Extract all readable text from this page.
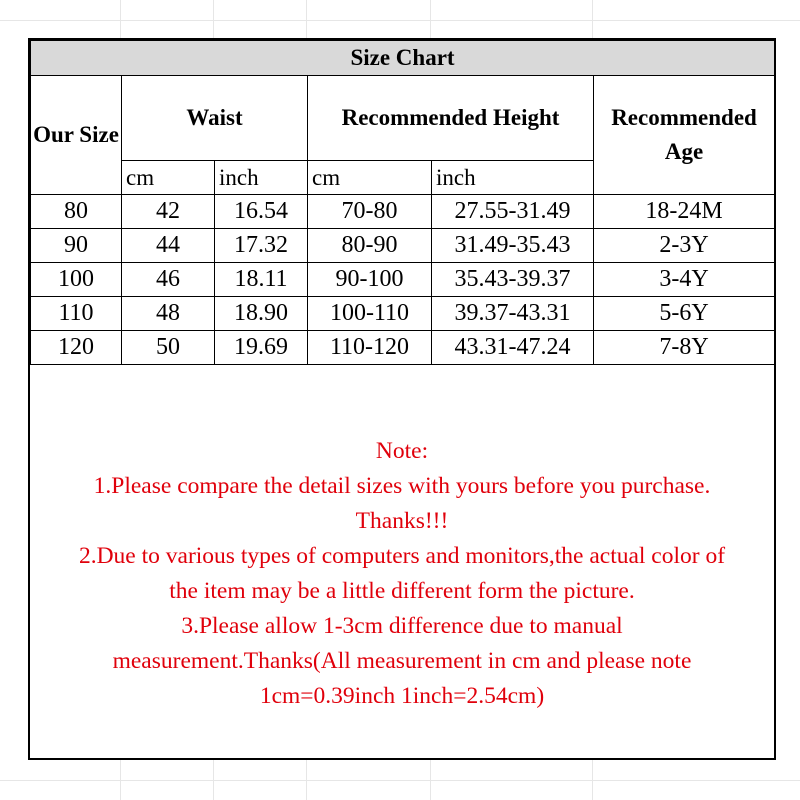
Size Chart					
Our Size	Waist		Recommended Height		Recommended Age
	cm	inch	cm	inch	
80	42	16.54	70-80	27.55-31.49	18-24M
90	44	17.32	80-90	31.49-35.43	2-3Y
100	46	18.11	90-100	35.43-39.37	3-4Y
110	48	18.90	100-110	39.37-43.31	5-6Y
120	50	19.69	110-120	43.31-47.24	7-8Y
Note:
1.Please compare the detail sizes with yours before you purchase.
Thanks!!!
2.Due to various types of computers and monitors,the actual color of
the item may be a little different form the picture.
3.Please allow 1-3cm difference due to manual
measurement.Thanks(All measurement in cm and please note
1cm=0.39inch 1inch=2.54cm)
